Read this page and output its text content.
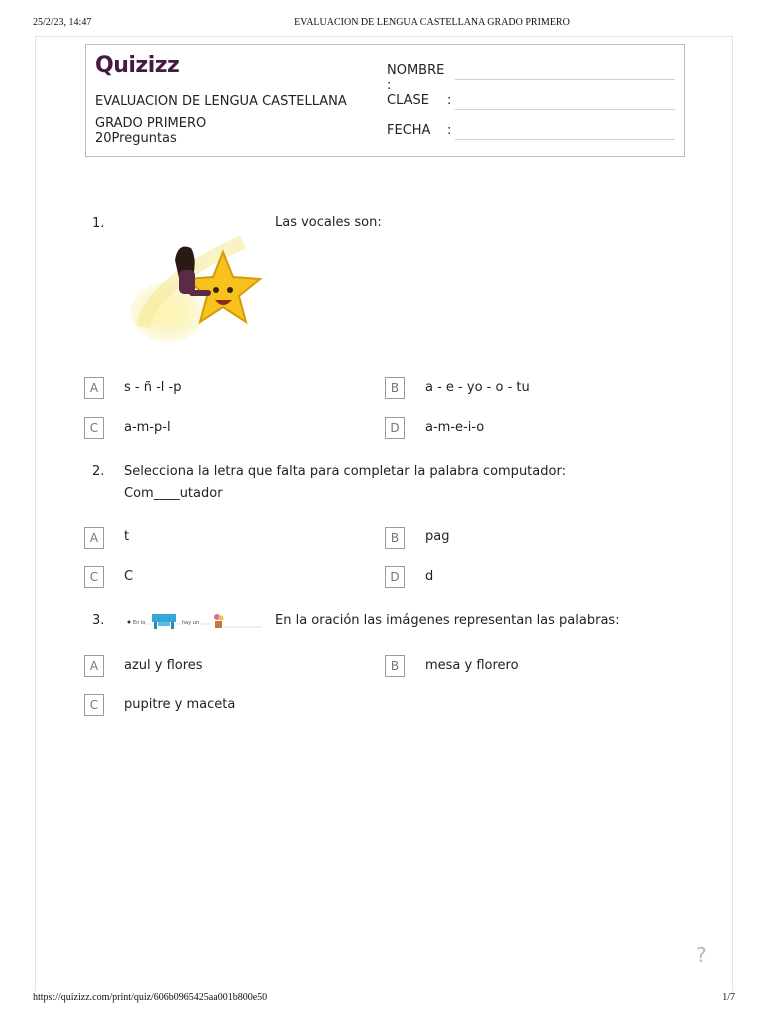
25/2/23, 14:47	EVALUACION DE LENGUA CASTELLANA GRADO PRIMERO
Quizizz
EVALUACION DE LENGUA CASTELLANA GRADO PRIMERO
20Preguntas
NOMBRE :
CLASE :
FECHA :
1.	Las vocales son:
A	s - ñ -l -p	B	a - e - yo - o - tu
C	a-m-p-l	D	a-m-e-i-o
2. Selecciona la letra que falta para completar la palabra computador:
Com____utador
A	t	B	pag
C	C	D	d
3.	En lo	hay un	En la oración las imágenes representan las palabras:
A	azul y flores	B	mesa y florero
C	pupitre y maceta
?
https://quizizz.com/print/quiz/606b0965425aa001b800e50	1/7
